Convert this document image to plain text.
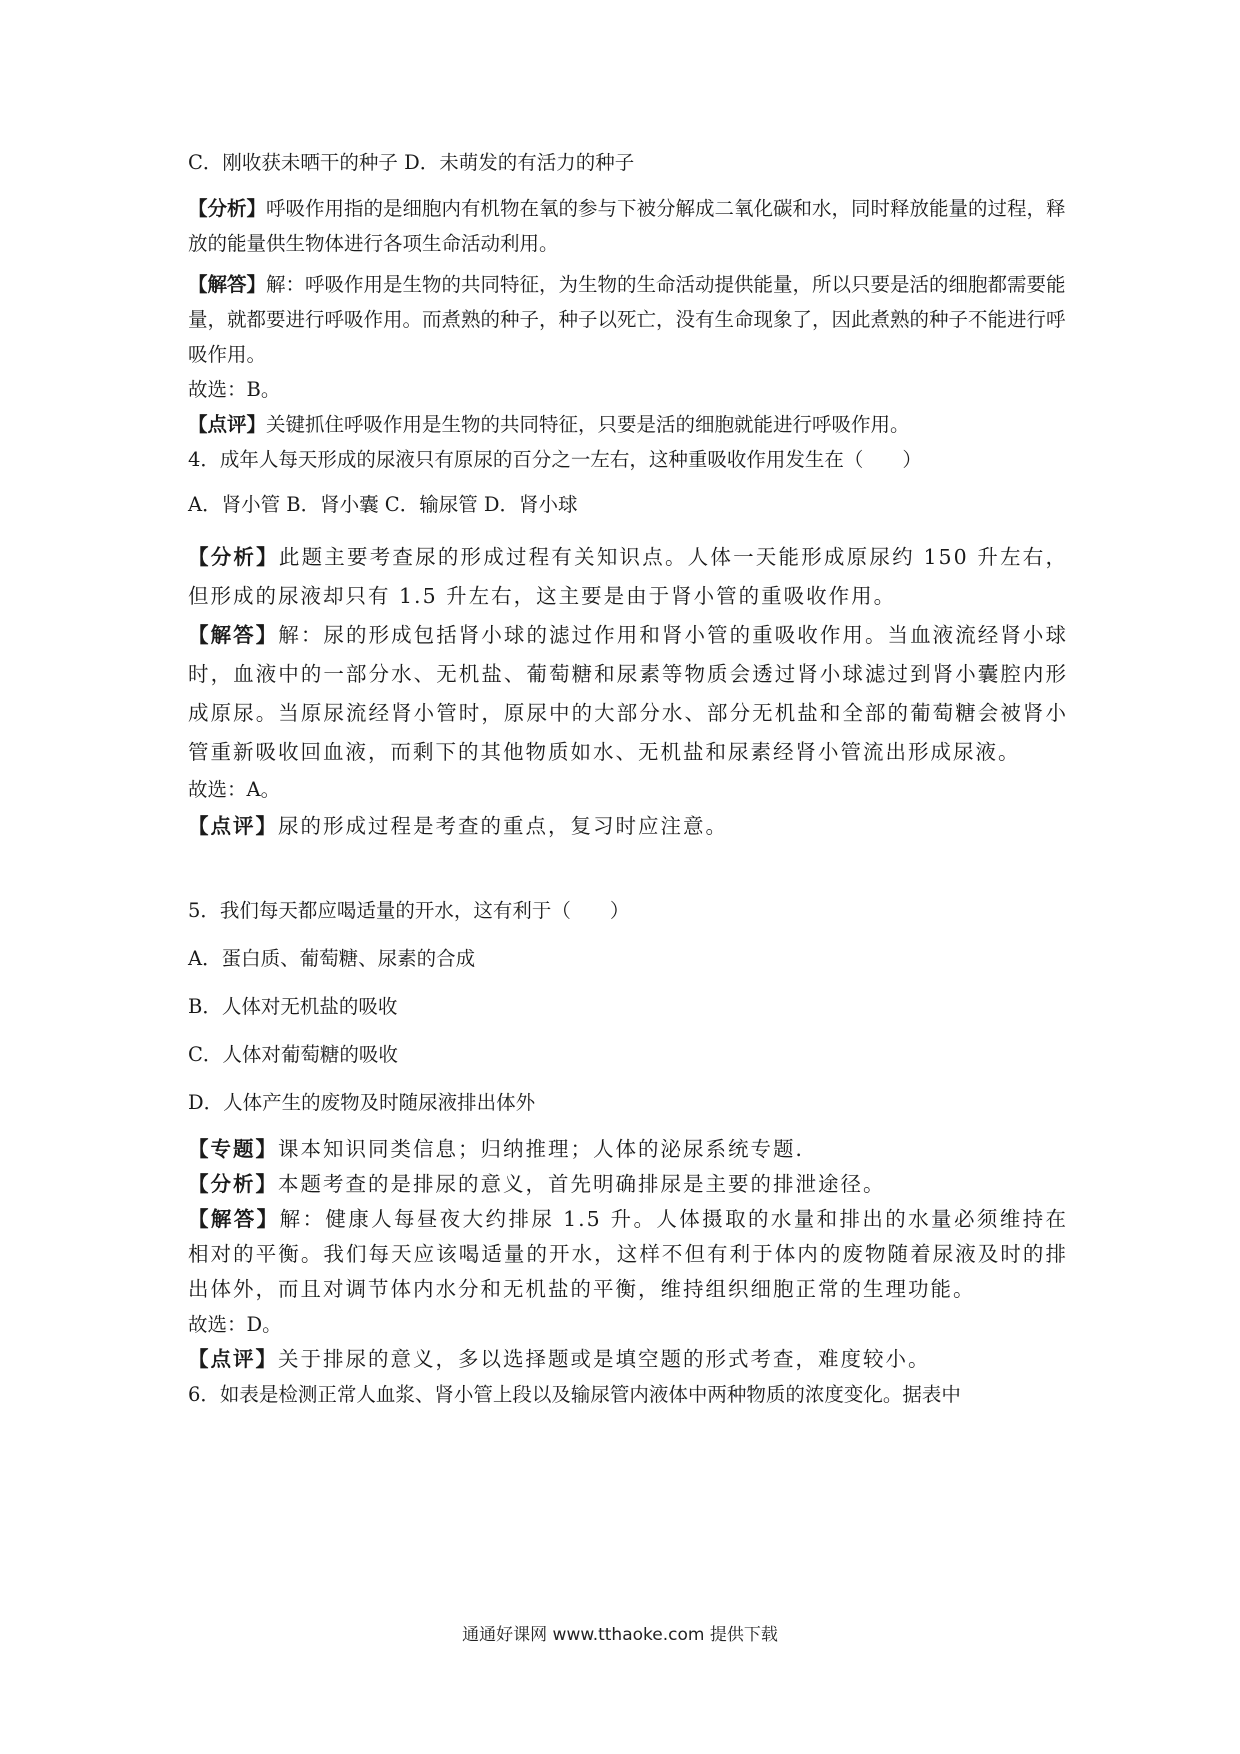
C．刚收获未晒干的种子 D．未萌发的有活力的种子

【分析】呼吸作用指的是细胞内有机物在氧的参与下被分解成二氧化碳和水，同时释放能量的过程，释放的能量供生物体进行各项生命活动利用。

【解答】解：呼吸作用是生物的共同特征，为生物的生命活动提供能量，所以只要是活的细胞都需要能量，就都要进行呼吸作用。而煮熟的种子，种子以死亡，没有生命现象了，因此煮熟的种子不能进行呼吸作用。

故选：B。

【点评】关键抓住呼吸作用是生物的共同特征，只要是活的细胞就能进行呼吸作用。

4．成年人每天形成的尿液只有原尿的百分之一左右，这种重吸收作用发生在（　　）

A．肾小管 B．肾小囊 C．输尿管 D．肾小球

【分析】此题主要考查尿的形成过程有关知识点。人体一天能形成原尿约 150 升左右，但形成的尿液却只有 1.5 升左右，这主要是由于肾小管的重吸收作用。

【解答】解：尿的形成包括肾小球的滤过作用和肾小管的重吸收作用。当血液流经肾小球时，血液中的一部分水、无机盐、葡萄糖和尿素等物质会透过肾小球滤过到肾小囊腔内形成原尿。当原尿流经肾小管时，原尿中的大部分水、部分无机盐和全部的葡萄糖会被肾小管重新吸收回血液，而剩下的其他物质如水、无机盐和尿素经肾小管流出形成尿液。

故选：A。

【点评】尿的形成过程是考查的重点，复习时应注意。

5．我们每天都应喝适量的开水，这有利于（　　）

A．蛋白质、葡萄糖、尿素的合成

B．人体对无机盐的吸收

C．人体对葡萄糖的吸收

D．人体产生的废物及时随尿液排出体外

【专题】课本知识同类信息；归纳推理；人体的泌尿系统专题．

【分析】本题考查的是排尿的意义，首先明确排尿是主要的排泄途径。

【解答】解：健康人每昼夜大约排尿 1.5 升。人体摄取的水量和排出的水量必须维持在相对的平衡。我们每天应该喝适量的开水，这样不但有利于体内的废物随着尿液及时的排出体外，而且对调节体内水分和无机盐的平衡，维持组织细胞正常的生理功能。

故选：D。

【点评】关于排尿的意义，多以选择题或是填空题的形式考查，难度较小。

6．如表是检测正常人血浆、肾小管上段以及输尿管内液体中两种物质的浓度变化。据表中

通通好课网 www.tthaoke.com 提供下载
